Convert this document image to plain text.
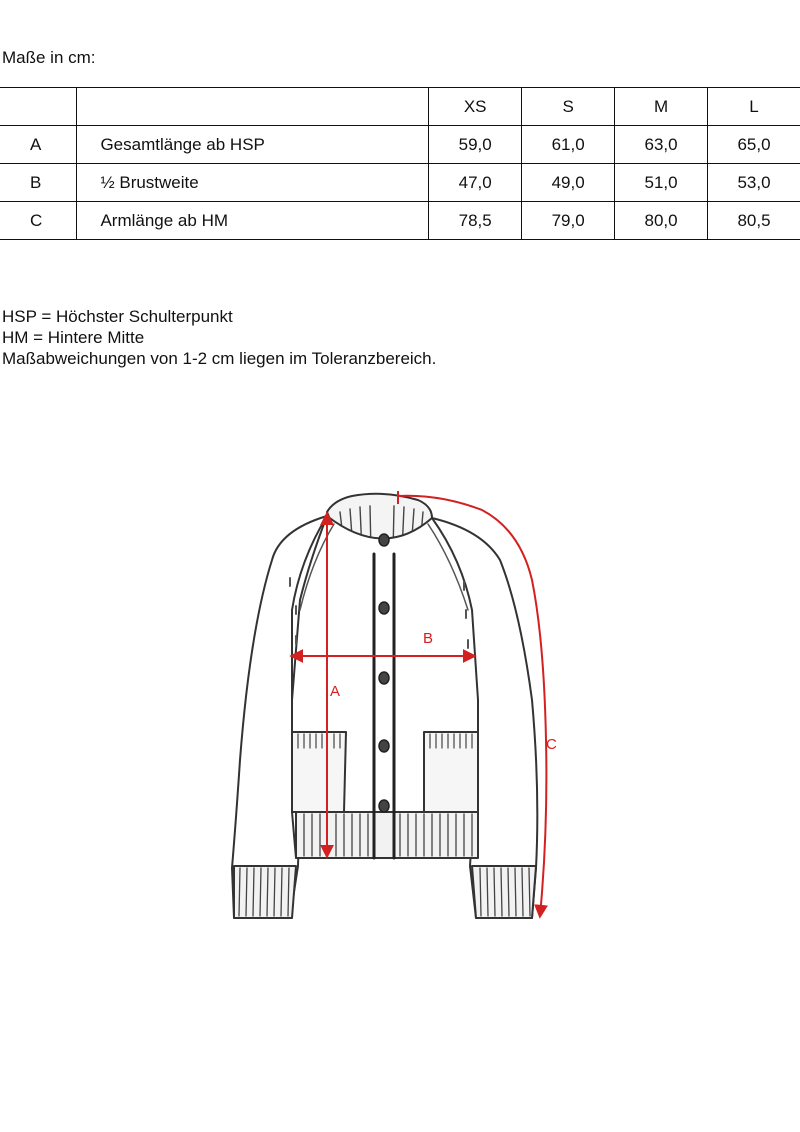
Maße in cm:
		XS	S	M	L
A	Gesamtlänge ab HSP	59,0	61,0	63,0	65,0
B	½ Brustweite	47,0	49,0	51,0	53,0
C	Armlänge ab HM	78,5	79,0	80,0	80,5
HSP = Höchster Schulterpunkt
HM = Hintere Mitte
Maßabweichungen von 1-2 cm liegen im Toleranzbereich.
A
B
C
